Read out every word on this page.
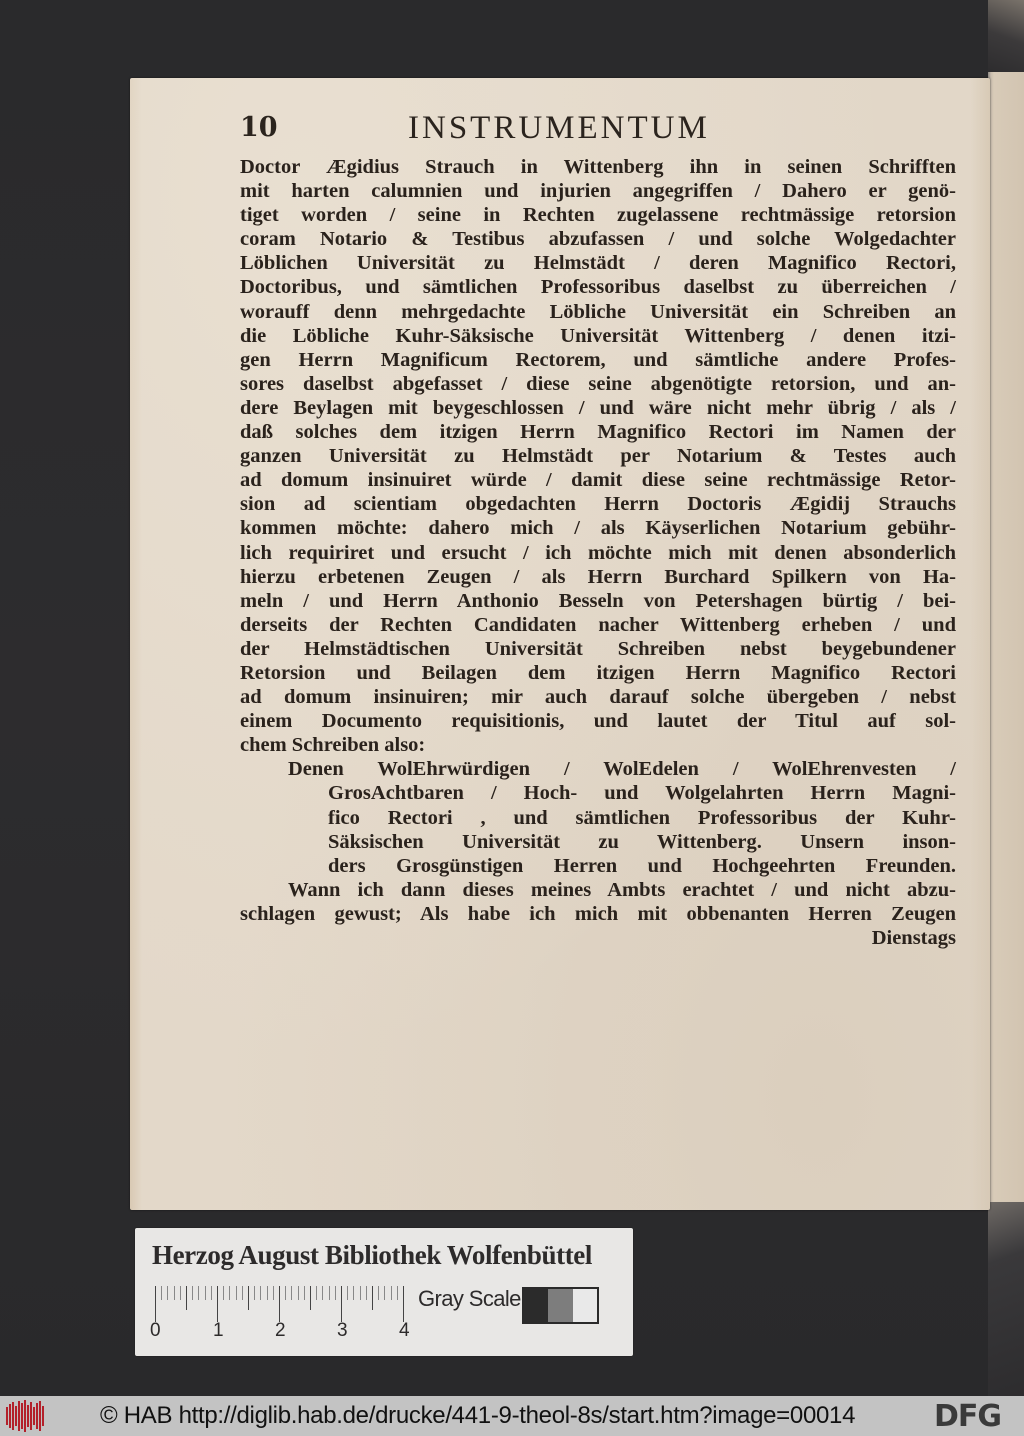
10	INSTRUMENTUM
Doctor Ægidius Strauch in Wittenberg ihn in seinen Schrifften
mit harten calumnien und injurien angegriffen / Dahero er genö-
tiget worden / seine in Rechten zugelassene rechtmässige retorsion
coram Notario & Testibus abzufassen / und solche Wolgedachter
Löblichen Universität zu Helmstädt / deren Magnifico Rectori,
Doctoribus, und sämtlichen Professoribus daselbst zu überreichen /
worauff denn mehrgedachte Löbliche Universität ein Schreiben an
die Löbliche Kuhr-Säksische Universität Wittenberg / denen itzi-
gen Herrn Magnificum Rectorem, und sämtliche andere Profes-
sores daselbst abgefasset / diese seine abgenötigte retorsion, und an-
dere Beylagen mit beygeschlossen / und wäre nicht mehr übrig / als /
daß solches dem itzigen Herrn Magnifico Rectori im Namen der
ganzen Universität zu Helmstädt per Notarium & Testes auch
ad domum insinuiret würde / damit diese seine rechtmässige Retor-
sion ad scientiam obgedachten Herrn Doctoris Ægidij Strauchs
kommen möchte: dahero mich / als Käyserlichen Notarium gebühr-
lich requiriret und ersucht / ich möchte mich mit denen absonderlich
hierzu erbetenen Zeugen / als Herrn Burchard Spilkern von Ha-
meln / und Herrn Anthonio Besseln von Petershagen bürtig / bei-
derseits der Rechten Candidaten nacher Wittenberg erheben / und
der Helmstädtischen Universität Schreiben nebst beygebundener
Retorsion und Beilagen dem itzigen Herrn Magnifico Rectori
ad domum insinuiren; mir auch darauf solche übergeben / nebst
einem Documento requisitionis, und lautet der Titul auf sol-
chem Schreiben also:
Denen WolEhrwürdigen / WolEdelen / WolEhrenvesten /
GrosAchtbaren / Hoch- und Wolgelahrten Herrn Magni-
fico Rectori , und sämtlichen Professoribus der Kuhr-
Säksischen Universität zu Wittenberg. Unsern inson-
ders Grosgünstigen Herren und Hochgeehrten Freunden.
Wann ich dann dieses meines Ambts erachtet / und nicht abzu-
schlagen gewust; Als habe ich mich mit obbenanten Herren Zeugen
Dienstags
Herzog August Bibliothek Wolfenbüttel
0	1	2	3	4
Gray Scale
© HAB http://diglib.hab.de/drucke/441-9-theol-8s/start.htm?image=00014	DFG
